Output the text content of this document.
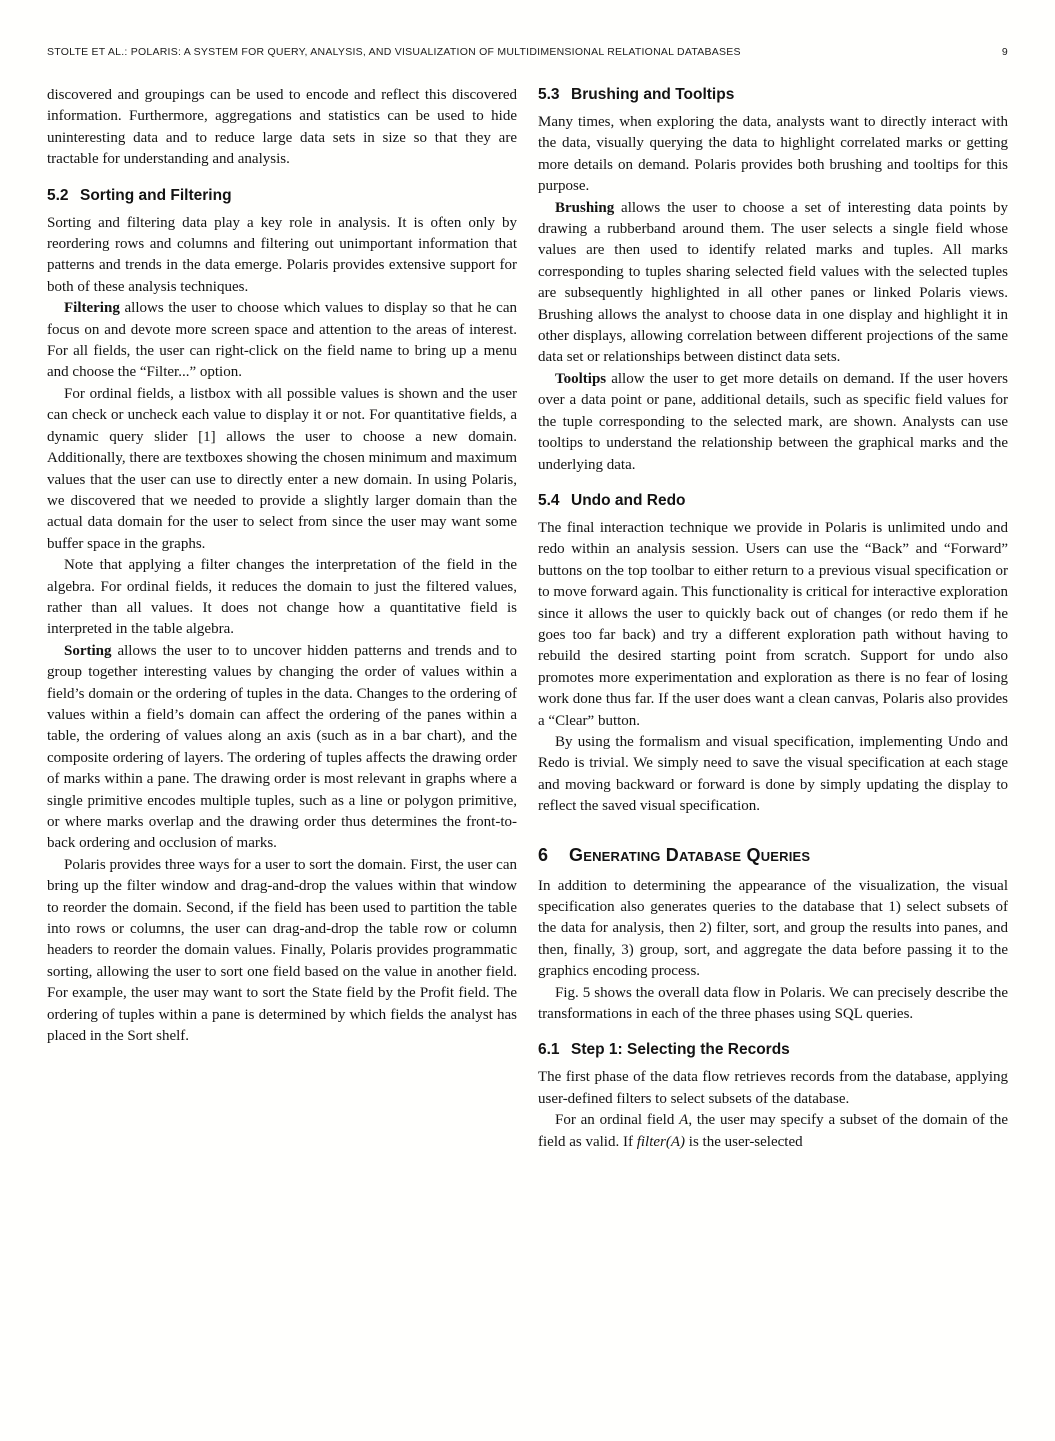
STOLTE ET AL.: POLARIS: A SYSTEM FOR QUERY, ANALYSIS, AND VISUALIZATION OF MULTIDIMENSIONAL RELATIONAL DATABASES	9

discovered and groupings can be used to encode and reflect this discovered information. Furthermore, aggregations and statistics can be used to hide uninteresting data and to reduce large data sets in size so that they are tractable for understanding and analysis.

5.2 Sorting and Filtering

Sorting and filtering data play a key role in analysis. It is often only by reordering rows and columns and filtering out unimportant information that patterns and trends in the data emerge. Polaris provides extensive support for both of these analysis techniques.

Filtering allows the user to choose which values to display so that he can focus on and devote more screen space and attention to the areas of interest. For all fields, the user can right-click on the field name to bring up a menu and choose the “Filter...” option.

For ordinal fields, a listbox with all possible values is shown and the user can check or uncheck each value to display it or not. For quantitative fields, a dynamic query slider [1] allows the user to choose a new domain. Additionally, there are textboxes showing the chosen minimum and maximum values that the user can use to directly enter a new domain. In using Polaris, we discovered that we needed to provide a slightly larger domain than the actual data domain for the user to select from since the user may want some buffer space in the graphs.

Note that applying a filter changes the interpretation of the field in the algebra. For ordinal fields, it reduces the domain to just the filtered values, rather than all values. It does not change how a quantitative field is interpreted in the table algebra.

Sorting allows the user to to uncover hidden patterns and trends and to group together interesting values by changing the order of values within a field’s domain or the ordering of tuples in the data. Changes to the ordering of values within a field’s domain can affect the ordering of the panes within a table, the ordering of values along an axis (such as in a bar chart), and the composite ordering of layers. The ordering of tuples affects the drawing order of marks within a pane. The drawing order is most relevant in graphs where a single primitive encodes multiple tuples, such as a line or polygon primitive, or where marks overlap and the drawing order thus determines the front-to-back ordering and occlusion of marks.

Polaris provides three ways for a user to sort the domain. First, the user can bring up the filter window and drag-and-drop the values within that window to reorder the domain. Second, if the field has been used to partition the table into rows or columns, the user can drag-and-drop the table row or column headers to reorder the domain values. Finally, Polaris provides programmatic sorting, allowing the user to sort one field based on the value in another field. For example, the user may want to sort the State field by the Profit field. The ordering of tuples within a pane is determined by which fields the analyst has placed in the Sort shelf.

5.3 Brushing and Tooltips

Many times, when exploring the data, analysts want to directly interact with the data, visually querying the data to highlight correlated marks or getting more details on demand. Polaris provides both brushing and tooltips for this purpose.

Brushing allows the user to choose a set of interesting data points by drawing a rubberband around them. The user selects a single field whose values are then used to identify related marks and tuples. All marks corresponding to tuples sharing selected field values with the selected tuples are subsequently highlighted in all other panes or linked Polaris views. Brushing allows the analyst to choose data in one display and highlight it in other displays, allowing correlation between different projections of the same data set or relationships between distinct data sets.

Tooltips allow the user to get more details on demand. If the user hovers over a data point or pane, additional details, such as specific field values for the tuple corresponding to the selected mark, are shown. Analysts can use tooltips to understand the relationship between the graphical marks and the underlying data.

5.4 Undo and Redo

The final interaction technique we provide in Polaris is unlimited undo and redo within an analysis session. Users can use the “Back” and “Forward” buttons on the top toolbar to either return to a previous visual specification or to move forward again. This functionality is critical for interactive exploration since it allows the user to quickly back out of changes (or redo them if he goes too far back) and try a different exploration path without having to rebuild the desired starting point from scratch. Support for undo also promotes more experimentation and exploration as there is no fear of losing work done thus far. If the user does want a clean canvas, Polaris also provides a “Clear” button.

By using the formalism and visual specification, implementing Undo and Redo is trivial. We simply need to save the visual specification at each stage and moving backward or forward is done by simply updating the display to reflect the saved visual specification.

6 Generating Database Queries

In addition to determining the appearance of the visualization, the visual specification also generates queries to the database that 1) select subsets of the data for analysis, then 2) filter, sort, and group the results into panes, and then, finally, 3) group, sort, and aggregate the data before passing it to the graphics encoding process.

Fig. 5 shows the overall data flow in Polaris. We can precisely describe the transformations in each of the three phases using SQL queries.

6.1 Step 1: Selecting the Records

The first phase of the data flow retrieves records from the database, applying user-defined filters to select subsets of the database.

For an ordinal field A, the user may specify a subset of the domain of the field as valid. If filter(A) is the user-selected
